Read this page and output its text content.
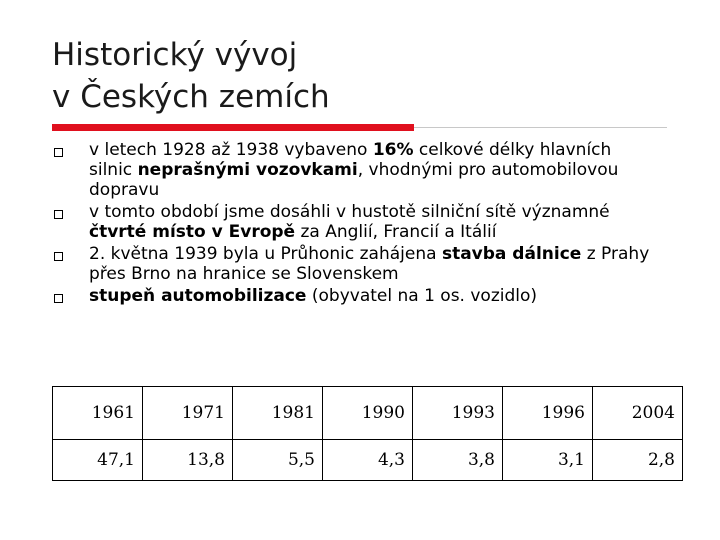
Historický vývoj
v Českých zemích
v letech 1928 až 1938 vybaveno 16% celkové délky hlavních silnic neprašnými vozovkami, vhodnými pro automobilovou dopravu
v tomto období jsme dosáhli v hustotě silniční sítě významné čtvrté místo v Evropě za Anglií, Francií a Itálií
2. května 1939 byla u Průhonic zahájena stavba dálnice z Prahy přes Brno na hranice se Slovenskem
stupeň automobilizace (obyvatel na 1 os. vozidlo)
1961	1971	1981	1990	1993	1996	2004
47,1	13,8	5,5	4,3	3,8	3,1	2,8
